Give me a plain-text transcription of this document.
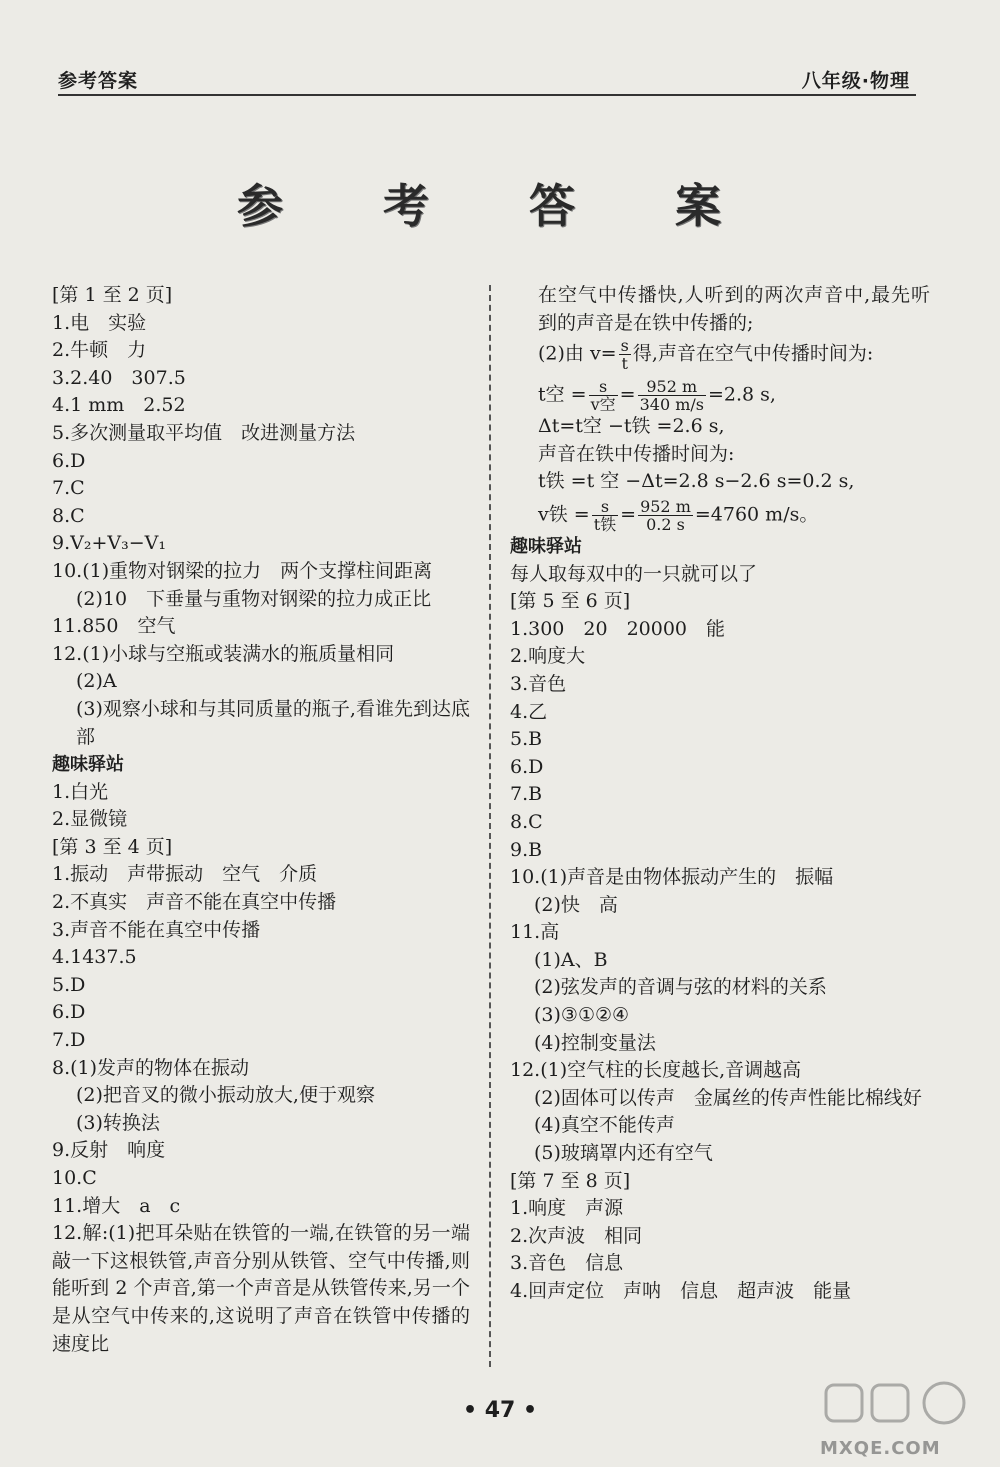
参考答案	八年级·物理
参 考 答 案
[第 1 至 2 页]
1.电　实验
2.牛顿　力
3.2.40　307.5
4.1 mm　2.52
5.多次测量取平均值　改进测量方法
6.D
7.C
8.C
9.V₂+V₃−V₁
10.(1)重物对钢梁的拉力　两个支撑柱间距离
(2)10　下垂量与重物对钢梁的拉力成正比
11.850　空气
12.(1)小球与空瓶或装满水的瓶质量相同
(2)A
(3)观察小球和与其同质量的瓶子,看谁先到达底部
趣味驿站
1.白光
2.显微镜
[第 3 至 4 页]
1.振动　声带振动　空气　介质
2.不真实　声音不能在真空中传播
3.声音不能在真空中传播
4.1437.5
5.D
6.D
7.D
8.(1)发声的物体在振动
(2)把音叉的微小振动放大,便于观察
(3)转换法
9.反射　响度
10.C
11.增大　a　c
12.解:(1)把耳朵贴在铁管的一端,在铁管的另一端敲一下这根铁管,声音分别从铁管、空气中传播,则能听到 2 个声音,第一个声音是从铁管传来,另一个是从空气中传来的,这说明了声音在铁管中传播的速度比
在空气中传播快,人听到的两次声音中,最先听到的声音是在铁中传播的;
(2)由 $v= \frac{s}{t}$ 得,声音在空气中传播时间为:
t空 = $\frac{s}{\text{v空}} = \frac{952 m}{340 m/s} =2.8$ s,
Δt=t空 −t铁 =2.6 s,
声音在铁中传播时间为:
t铁 =t 空 −Δt=2.8 s−2.6 s=0.2 s,
v铁 = $\frac{s}{\text{t铁}} = \frac{952 m}{0.2 s} =4760$ m/s。
趣味驿站
每人取每双中的一只就可以了
[第 5 至 6 页]
1.300　20　20000　能
2.响度大
3.音色
4.乙
5.B
6.D
7.B
8.C
9.B
10.(1)声音是由物体振动产生的　振幅
(2)快　高
11.高
(1)A、B
(2)弦发声的音调与弦的材料的关系
(3)③①②④
(4)控制变量法
12.(1)空气柱的长度越长,音调越高
(2)固体可以传声　金属丝的传声性能比棉线好
(4)真空不能传声
(5)玻璃罩内还有空气
[第 7 至 8 页]
1.响度　声源
2.次声波　相同
3.音色　信息
4.回声定位　声呐　信息　超声波　能量
• 47 •
MXQE.COM
